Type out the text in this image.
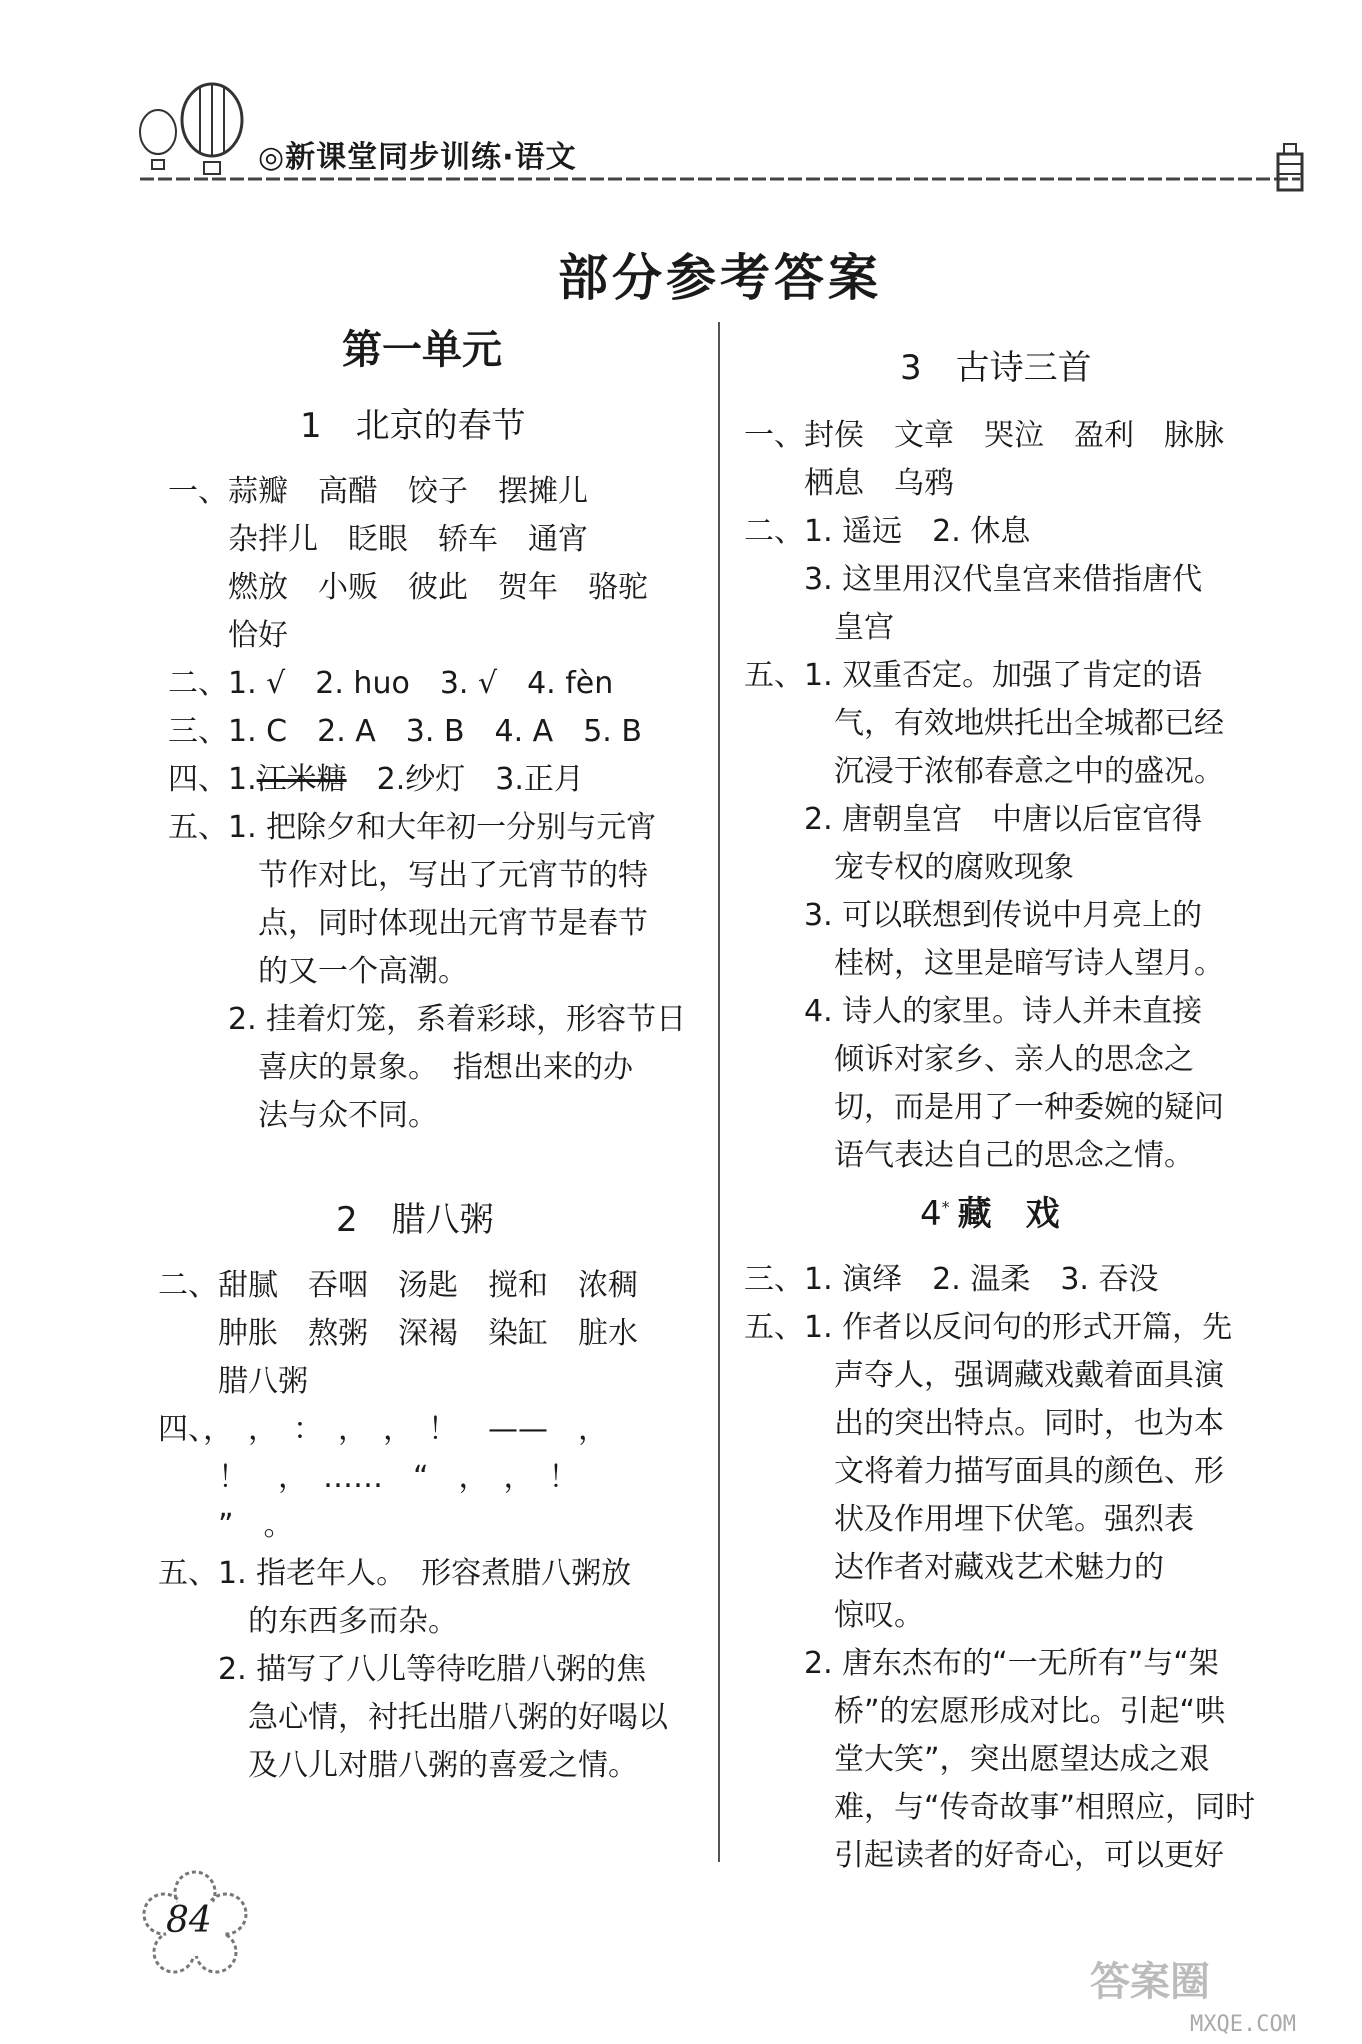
◎新课堂同步训练·语文
部分参考答案
第一单元
1　北京的春节
一、蒜瓣　高醋　饺子　摆摊儿
　　杂拌儿　眨眼　轿车　通宵
　　燃放　小贩　彼此　贺年　骆驼
　　恰好
二、1. √　2. huo　3. √　4. fèn
三、1. C　2. A　3. B　4. A　5. B
四、1.江米糖　2.纱灯　3.正月
五、1. 把除夕和大年初一分别与元宵
　　　节作对比，写出了元宵节的特
　　　点，同时体现出元宵节是春节
　　　的又一个高潮。
　　2. 挂着灯笼，系着彩球，形容节日
　　　喜庆的景象。　指想出来的办
　　　法与众不同。
2　腊八粥
二、甜腻　吞咽　汤匙　搅和　浓稠
　　肿胀　熬粥　深褐　染缸　脏水
　　腊八粥
四、，　，　：　，　，　！　——　，
　　！　，　……　“　，　，　！
　　”　。
五、1. 指老年人。　形容煮腊八粥放
　　　的东西多而杂。
　　2. 描写了八儿等待吃腊八粥的焦
　　　急心情，衬托出腊八粥的好喝以
　　　及八儿对腊八粥的喜爱之情。
3　古诗三首
一、封侯　文章　哭泣　盈利　脉脉
　　栖息　乌鸦
二、1. 遥远　2. 休息
　　3. 这里用汉代皇宫来借指唐代
　　　皇宫
五、1. 双重否定。加强了肯定的语
　　　气，有效地烘托出全城都已经
　　　沉浸于浓郁春意之中的盛况。
　　2. 唐朝皇宫　中唐以后宦官得
　　　宠专权的腐败现象
　　3. 可以联想到传说中月亮上的
　　　桂树，这里是暗写诗人望月。
　　4. 诗人的家里。诗人并未直接
　　　倾诉对家乡、亲人的思念之
　　　切，而是用了一种委婉的疑问
　　　语气表达自己的思念之情。
4* 藏　戏
三、1. 演绎　2. 温柔　3. 吞没
五、1. 作者以反问句的形式开篇，先
　　　声夺人，强调藏戏戴着面具演
　　　出的突出特点。同时，也为本
　　　文将着力描写面具的颜色、形
　　　状及作用埋下伏笔。强烈表
　　　达作者对藏戏艺术魅力的
　　　惊叹。
　　2. 唐东杰布的“一无所有”与“架
　　　桥”的宏愿形成对比。引起“哄
　　　堂大笑”，突出愿望达成之艰
　　　难，与“传奇故事”相照应，同时
　　　引起读者的好奇心，可以更好
84
答案圈
MXQE.COM
